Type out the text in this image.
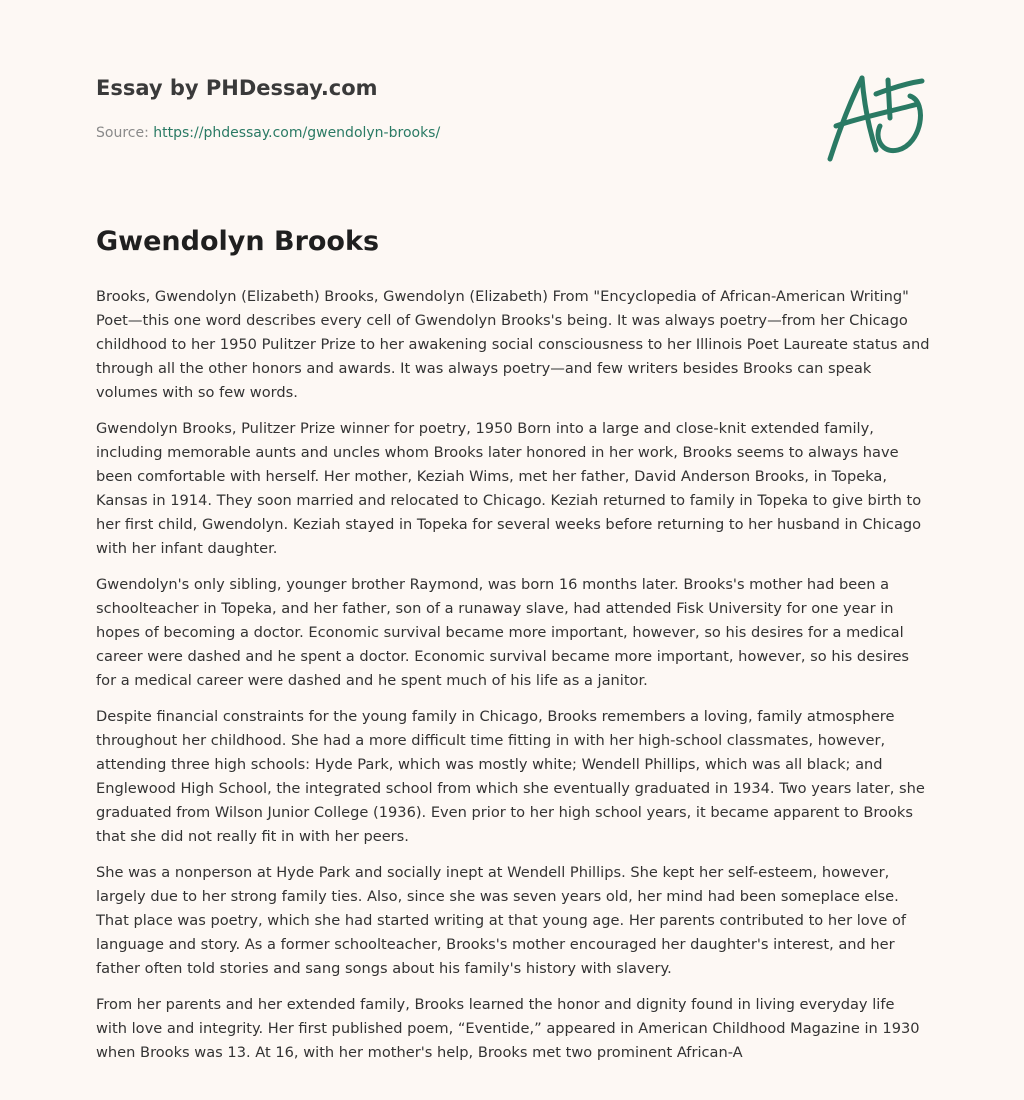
Essay by PHDessay.com
Source: https://phdessay.com/gwendolyn-brooks/
Gwendolyn Brooks

Brooks, Gwendolyn (Elizabeth) Brooks, Gwendolyn (Elizabeth) From "Encyclopedia of African-American Writing" Poet—this one word describes every cell of Gwendolyn Brooks's being. It was always poetry—from her Chicago childhood to her 1950 Pulitzer Prize to her awakening social consciousness to her Illinois Poet Laureate status and through all the other honors and awards. It was always poetry—and few writers besides Brooks can speak volumes with so few words.

Gwendolyn Brooks, Pulitzer Prize winner for poetry, 1950 Born into a large and close-knit extended family, including memorable aunts and uncles whom Brooks later honored in her work, Brooks seems to always have been comfortable with herself. Her mother, Keziah Wims, met her father, David Anderson Brooks, in Topeka, Kansas in 1914. They soon married and relocated to Chicago. Keziah returned to family in Topeka to give birth to her first child, Gwendolyn. Keziah stayed in Topeka for several weeks before returning to her husband in Chicago with her infant daughter.

Gwendolyn's only sibling, younger brother Raymond, was born 16 months later. Brooks's mother had been a schoolteacher in Topeka, and her father, son of a runaway slave, had attended Fisk University for one year in hopes of becoming a doctor. Economic survival became more important, however, so his desires for a medical career were dashed and he spent a doctor. Economic survival became more important, however, so his desires for a medical career were dashed and he spent much of his life as a janitor.

Despite financial constraints for the young family in Chicago, Brooks remembers a loving, family atmosphere throughout her childhood. She had a more difficult time fitting in with her high-school classmates, however, attending three high schools: Hyde Park, which was mostly white; Wendell Phillips, which was all black; and Englewood High School, the integrated school from which she eventually graduated in 1934. Two years later, she graduated from Wilson Junior College (1936). Even prior to her high school years, it became apparent to Brooks that she did not really fit in with her peers.

She was a nonperson at Hyde Park and socially inept at Wendell Phillips. She kept her self-esteem, however, largely due to her strong family ties. Also, since she was seven years old, her mind had been someplace else. That place was poetry, which she had started writing at that young age. Her parents contributed to her love of language and story. As a former schoolteacher, Brooks's mother encouraged her daughter's interest, and her father often told stories and sang songs about his family's history with slavery.

From her parents and her extended family, Brooks learned the honor and dignity found in living everyday life with love and integrity. Her first published poem, “Eventide,” appeared in American Childhood Magazine in 1930 when Brooks was 13. At 16, with her mother's help, Brooks met two prominent African-A
